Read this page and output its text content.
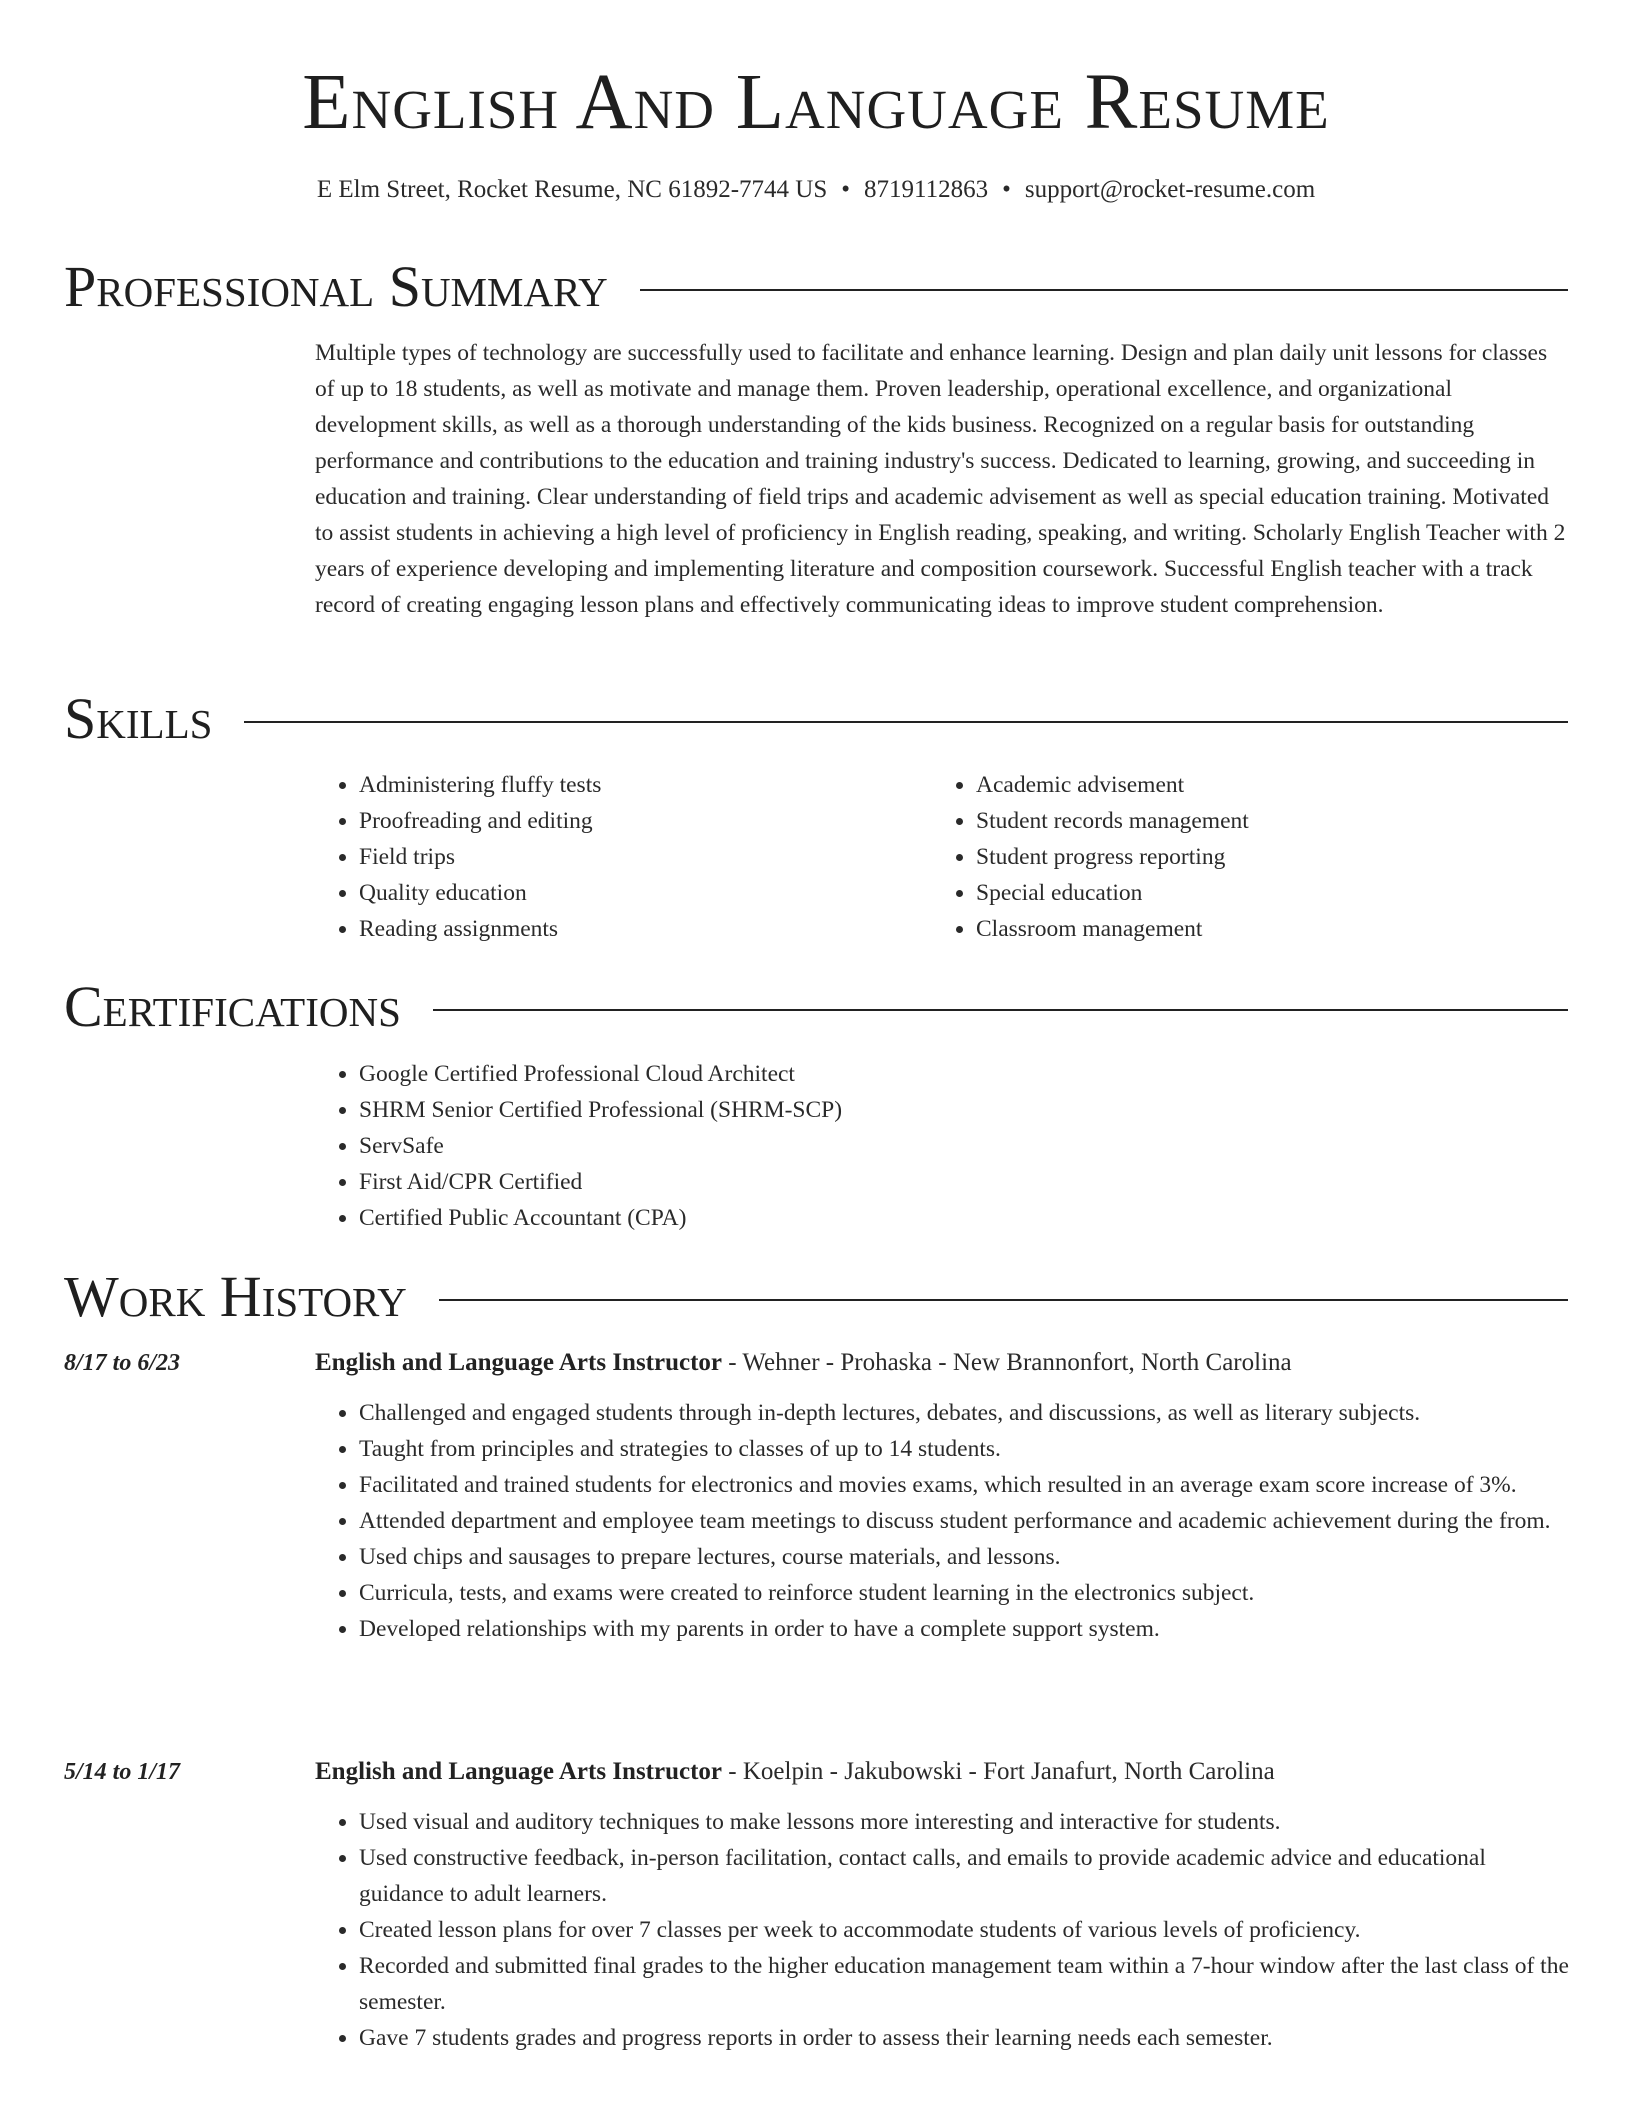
English And Language Resume
E Elm Street, Rocket Resume, NC 61892-7744 US • 8719112863 • support@rocket-resume.com
Professional Summary

Multiple types of technology are successfully used to facilitate and enhance learning. Design and plan daily unit lessons for classes of up to 18 students, as well as motivate and manage them. Proven leadership, operational excellence, and organizational development skills, as well as a thorough understanding of the kids business. Recognized on a regular basis for outstanding performance and contributions to the education and training industry's success. Dedicated to learning, growing, and succeeding in education and training. Clear understanding of field trips and academic advisement as well as special education training. Motivated to assist students in achieving a high level of proficiency in English reading, speaking, and writing. Scholarly English Teacher with 2 years of experience developing and implementing literature and composition coursework. Successful English teacher with a track record of creating engaging lesson plans and effectively communicating ideas to improve student comprehension.

Skills
• Administering fluffy tests
• Proofreading and editing
• Field trips
• Quality education
• Reading assignments
• Academic advisement
• Student records management
• Student progress reporting
• Special education
• Classroom management
Certifications
• Google Certified Professional Cloud Architect
• SHRM Senior Certified Professional (SHRM-SCP)
• ServSafe
• First Aid/CPR Certified
• Certified Public Accountant (CPA)
Work History
8/17 to 6/23	English and Language Arts Instructor - Wehner - Prohaska - New Brannonfort, North Carolina
• Challenged and engaged students through in-depth lectures, debates, and discussions, as well as literary subjects.
• Taught from principles and strategies to classes of up to 14 students.
• Facilitated and trained students for electronics and movies exams, which resulted in an average exam score increase of 3%.
• Attended department and employee team meetings to discuss student performance and academic achievement during the from.
• Used chips and sausages to prepare lectures, course materials, and lessons.
• Curricula, tests, and exams were created to reinforce student learning in the electronics subject.
• Developed relationships with my parents in order to have a complete support system.
5/14 to 1/17	English and Language Arts Instructor - Koelpin - Jakubowski - Fort Janafurt, North Carolina
• Used visual and auditory techniques to make lessons more interesting and interactive for students.
• Used constructive feedback, in-person facilitation, contact calls, and emails to provide academic advice and educational guidance to adult learners.
• Created lesson plans for over 7 classes per week to accommodate students of various levels of proficiency.
• Recorded and submitted final grades to the higher education management team within a 7-hour window after the last class of the semester.
• Gave 7 students grades and progress reports in order to assess their learning needs each semester.
